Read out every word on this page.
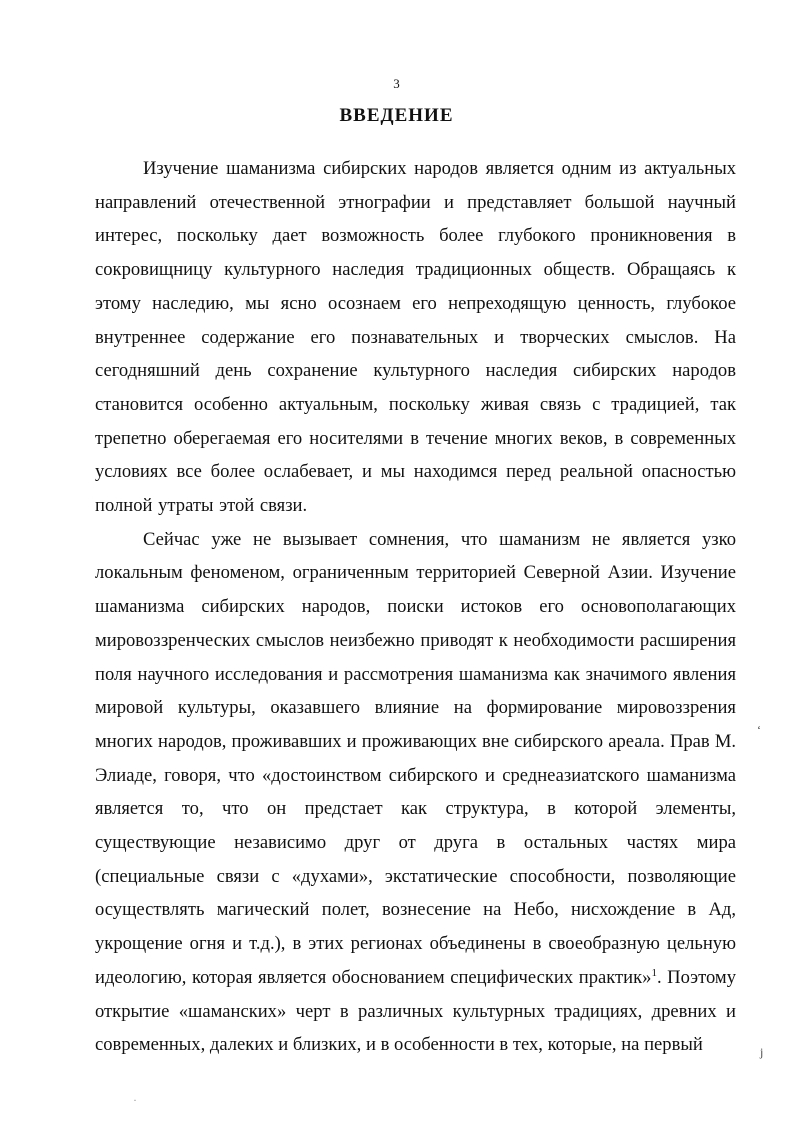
3
ВВЕДЕНИЕ

Изучение шаманизма сибирских народов является одним из актуальных направлений отечественной этнографии и представляет большой научный интерес, поскольку дает возможность более глубокого проникновения в сокровищницу культурного наследия традиционных обществ. Обращаясь к этому наследию, мы ясно осознаем его непреходящую ценность, глубокое внутреннее содержание его познавательных и творческих смыслов. На сегодняшний день сохранение культурного наследия сибирских народов становится особенно актуальным, поскольку живая связь с традицией, так трепетно оберегаемая его носителями в течение многих веков, в современных условиях все более ослабевает, и мы находимся перед реальной опасностью полной утраты этой связи.

Сейчас уже не вызывает сомнения, что шаманизм не является узко локальным феноменом, ограниченным территорией Северной Азии. Изучение шаманизма сибирских народов, поиски истоков его основополагающих мировоззренческих смыслов неизбежно приводят к необходимости расширения поля научного исследования и рассмотрения шаманизма как значимого явления мировой культуры, оказавшего влияние на формирование мировоззрения многих народов, проживавших и проживающих вне сибирского ареала. Прав М. Элиаде, говоря, что «достоинством сибирского и среднеазиатского шаманизма является то, что он предстает как структура, в которой элементы, существующие независимо друг от друга в остальных частях мира (специальные связи с «духами», экстатические способности, позволяющие осуществлять магический полет, вознесение на Небо, нисхождение в Ад, укрощение огня и т.д.), в этих регионах объединены в своеобразную цельную идеологию, которая является обоснованием специфических практик»$^1$. Поэтому открытие «шаманских» черт в различных культурных традициях, древних и современных, далеких и близких, и в особенности в тех, которые, на первый

‘
j
·
